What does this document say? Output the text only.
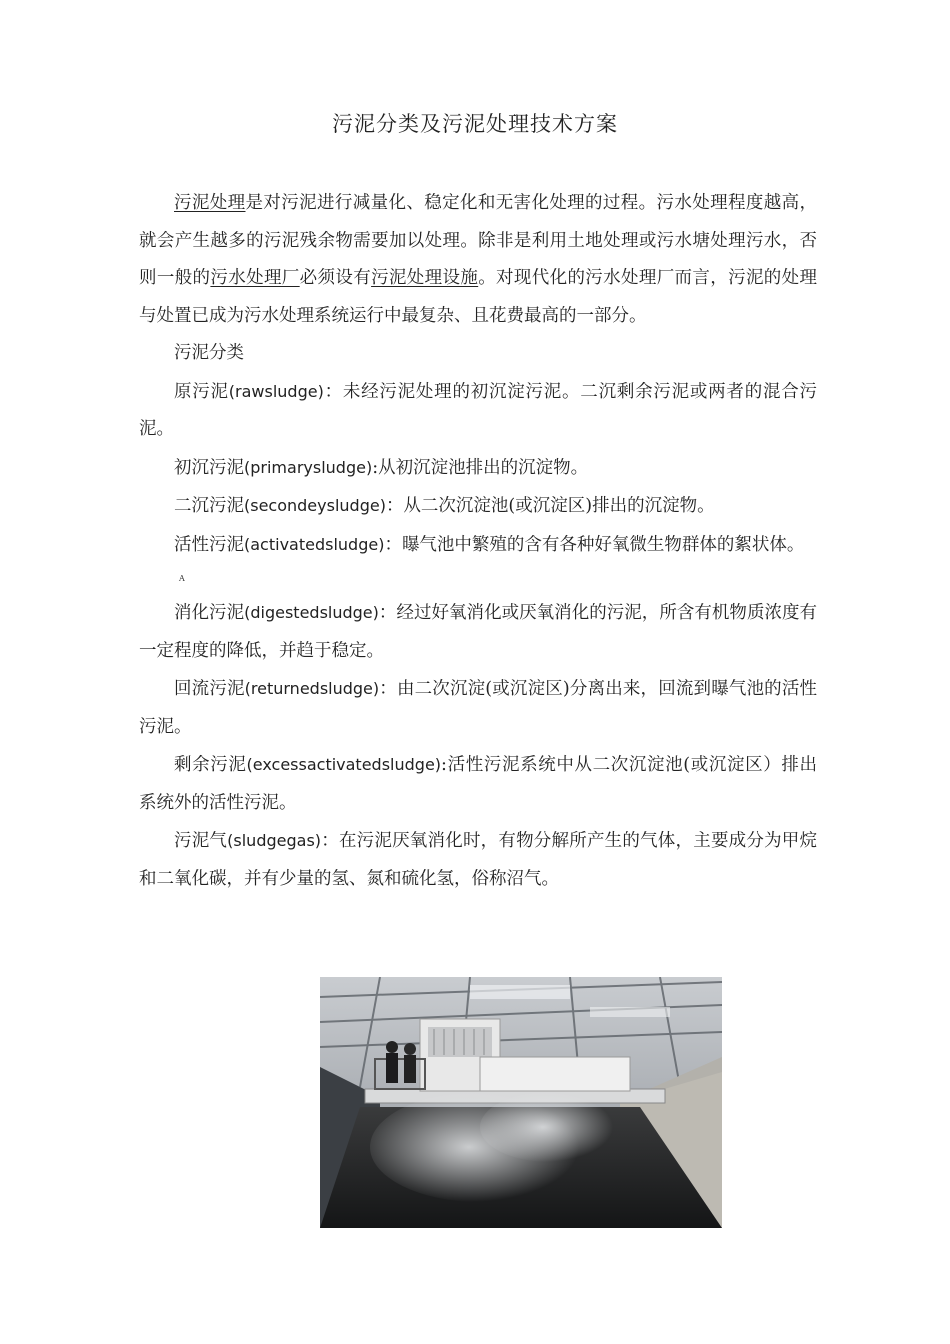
污泥分类及污泥处理技术方案

污泥处理是对污泥进行减量化、稳定化和无害化处理的过程。污水处理程度越高，就会产生越多的污泥残余物需要加以处理。除非是利用土地处理或污水塘处理污水，否则一般的污水处理厂必须设有污泥处理设施。对现代化的污水处理厂而言，污泥的处理与处置已成为污水处理系统运行中最复杂、且花费最高的一部分。

污泥分类

原污泥(rawsludge)：未经污泥处理的初沉淀污泥。二沉剩余污泥或两者的混合污泥。

初沉污泥(primarysludge):从初沉淀池排出的沉淀物。

二沉污泥(secondeysludge)：从二次沉淀池(或沉淀区)排出的沉淀物。

活性污泥(activatedsludge)：曝气池中繁殖的含有各种好氧微生物群体的絮状体。

A

消化污泥(digestedsludge)：经过好氧消化或厌氧消化的污泥，所含有机物质浓度有一定程度的降低，并趋于稳定。

回流污泥(returnedsludge)：由二次沉淀(或沉淀区)分离出来，回流到曝气池的活性污泥。

剩余污泥(excessactivatedsludge):活性污泥系统中从二次沉淀池(或沉淀区）排出系统外的活性污泥。

污泥气(sludgegas)：在污泥厌氧消化时，有物分解所产生的气体，主要成分为甲烷和二氧化碳，并有少量的氢、氮和硫化氢，俗称沼气。
